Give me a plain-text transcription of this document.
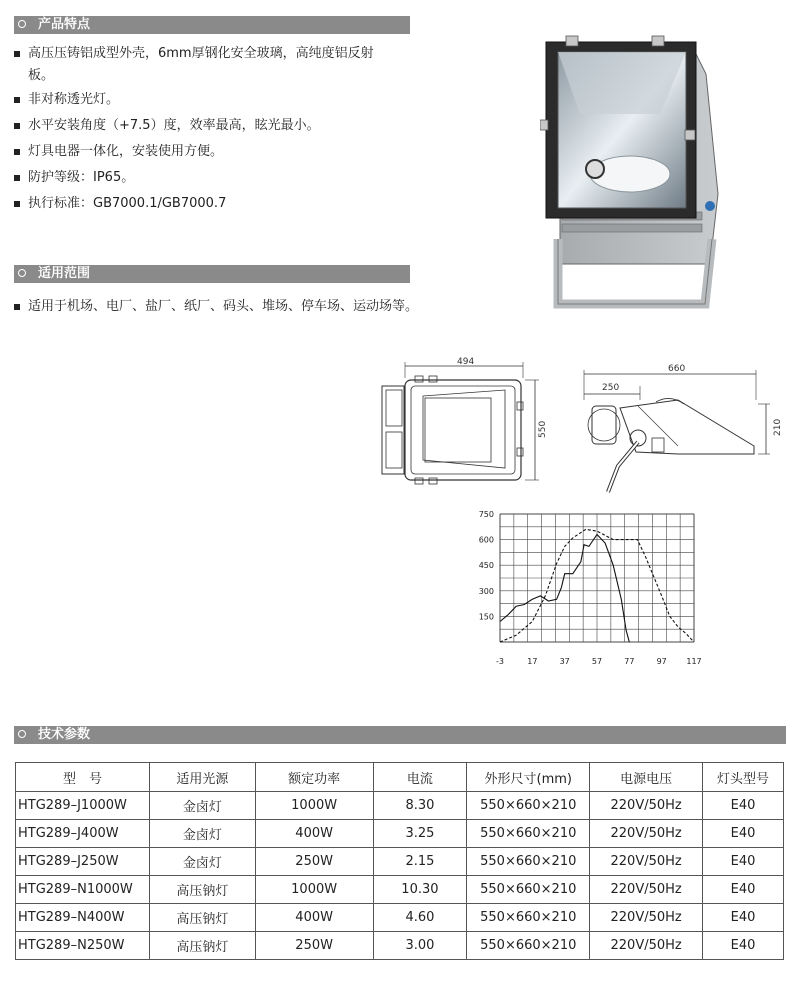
产品特点
高压压铸铝成型外壳，6mm厚钢化安全玻璃，高纯度铝反射
板。
非对称透光灯。
水平安装角度（+7.5）度，效率最高，眩光最小。
灯具电器一体化，安装使用方便。
防护等级：IP65。
执行标准：GB7000.1/GB7000.7
适用范围
适用于机场、电厂、盐厂、纸厂、码头、堆场、停车场、运动场等。
494
550
660
250
210
750
600
450
300
150
-3	17	37	57	77	97 117
技术参数
型　号	适用光源	额定功率	电流	外形尺寸(mm)	电源电压	灯头型号
HTG289–J1000W	金卤灯	1000W	8.30	550×660×210	220V/50Hz	E40
HTG289–J400W	金卤灯	400W	3.25	550×660×210	220V/50Hz	E40
HTG289–J250W	金卤灯	250W	2.15	550×660×210	220V/50Hz	E40
HTG289–N1000W	高压钠灯	1000W	10.30	550×660×210	220V/50Hz	E40
HTG289–N400W	高压钠灯	400W	4.60	550×660×210	220V/50Hz	E40
HTG289–N250W	高压钠灯	250W	3.00	550×660×210	220V/50Hz	E40
